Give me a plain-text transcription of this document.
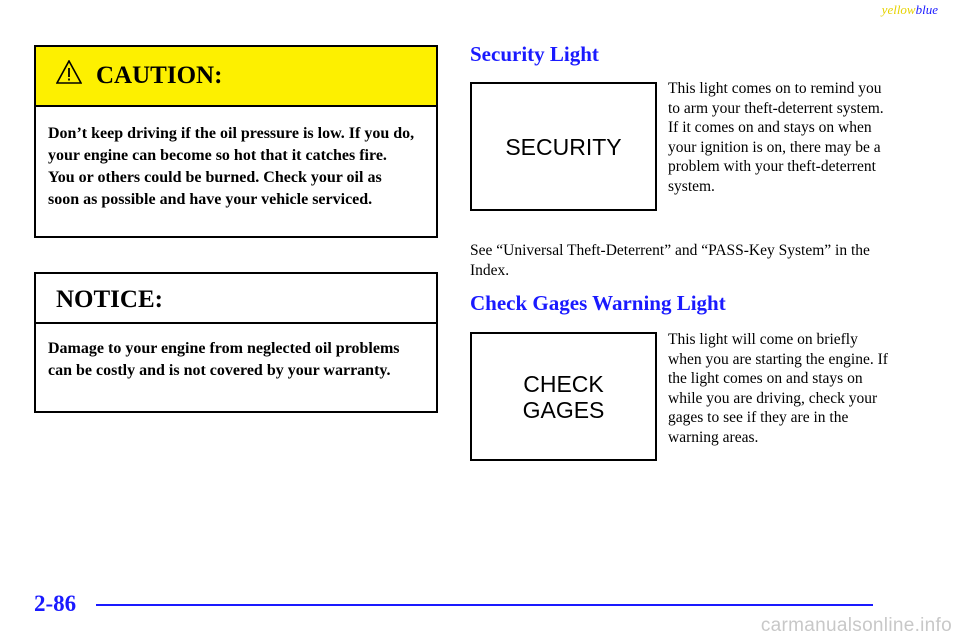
yellowblue
CAUTION:
Don’t keep driving if the oil pressure is low. If you do, your engine can become so hot that it catches fire. You or others could be burned. Check your oil as soon as possible and have your vehicle serviced.
NOTICE:
Damage to your engine from neglected oil problems can be costly and is not covered by your warranty.
Security Light
SECURITY
This light comes on to remind you to arm your theft‑deterrent system. If it comes on and stays on when your ignition is on, there may be a problem with your theft‑deterrent system.
See “Universal Theft‑Deterrent” and “PASS‑Key System” in the Index.
Check Gages Warning Light
CHECK
GAGES
This light will come on briefly when you are starting the engine. If the light comes on and stays on while you are driving, check your gages to see if they are in the warning areas.
2-86
carmanualsonline.info
